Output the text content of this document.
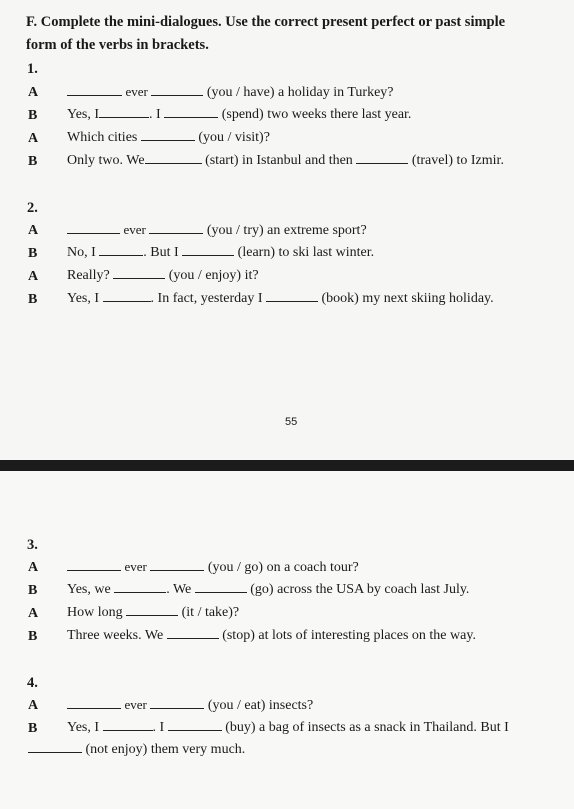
F. Complete the mini-dialogues. Use the correct present perfect or past simple
form of the verbs in brackets.
1.
A	ever	(you / have) a holiday in Turkey?
B Yes, I	. I	(spend) two weeks there last year.
A Which cities	(you / visit)?
B Only two. We	(start) in Istanbul and then	(travel) to Izmir.
2.
A	ever	(you / try) an extreme sport?
B No, I	. But I	(learn) to ski last winter.
A Really?	(you / enjoy) it?
B Yes, I	. In fact, yesterday I	(book) my next skiing holiday.
55
3.
A	ever	(you / go) on a coach tour?
B Yes, we	. We	(go) across the USA by coach last July.
A How long	(it / take)?
B Three weeks. We	(stop) at lots of interesting places on the way.
4.
A	ever	(you / eat) insects?
B Yes, I	. I	(buy) a bag of insects as a snack in Thailand. But I
(not enjoy) them very much.
